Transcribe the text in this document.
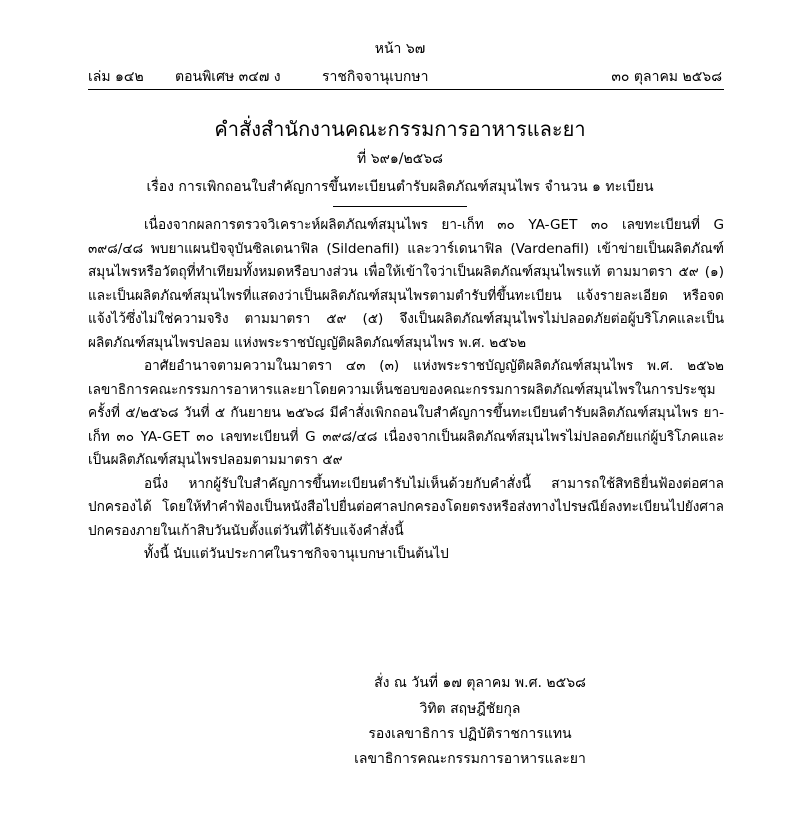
หน้า ๖๗
เล่ม ๑๔๒ ตอนพิเศษ ๓๔๗ ง	ราชกิจจานุเบกษา	๓๐ ตุลาคม ๒๕๖๘
คำสั่งสำนักงานคณะกรรมการอาหารและยา
ที่ ๖๙๑/๒๕๖๘
เรื่อง การเพิกถอนใบสำคัญการขึ้นทะเบียนตำรับผลิตภัณฑ์สมุนไพร จำนวน ๑ ทะเบียน

เนื่องจากผลการตรวจวิเคราะห์ผลิตภัณฑ์สมุนไพร ยา-เก็ท ๓๐ YA-GET ๓๐ เลขทะเบียนที่ G ๓๙๘/๔๘ พบยาแผนปัจจุบันซิลเดนาฟิล (Sildenafil) และวาร์เดนาฟิล (Vardenafil) เข้าข่ายเป็นผลิตภัณฑ์สมุนไพรหรือวัตถุที่ทำเทียมทั้งหมดหรือบางส่วน เพื่อให้เข้าใจว่าเป็นผลิตภัณฑ์สมุนไพรแท้ ตามมาตรา ๕๙ (๑) และเป็นผลิตภัณฑ์สมุนไพรที่แสดงว่าเป็นผลิตภัณฑ์สมุนไพรตามตำรับที่ขึ้นทะเบียน แจ้งรายละเอียด หรือจดแจ้งไว้ซึ่งไม่ใช่ความจริง ตามมาตรา ๕๙ (๕) จึงเป็นผลิตภัณฑ์สมุนไพรไม่ปลอดภัยต่อผู้บริโภคและเป็นผลิตภัณฑ์สมุนไพรปลอม แห่งพระราชบัญญัติผลิตภัณฑ์สมุนไพร พ.ศ. ๒๕๖๒

อาศัยอำนาจตามความในมาตรา ๔๓ (๓) แห่งพระราชบัญญัติผลิตภัณฑ์สมุนไพร พ.ศ. ๒๕๖๒ เลขาธิการคณะกรรมการอาหารและยาโดยความเห็นชอบของคณะกรรมการผลิตภัณฑ์สมุนไพรในการประชุมครั้งที่ ๕/๒๕๖๘ วันที่ ๕ กันยายน ๒๕๖๘ มีคำสั่งเพิกถอนใบสำคัญการขึ้นทะเบียนตำรับผลิตภัณฑ์สมุนไพร ยา-เก็ท ๓๐ YA-GET ๓๐ เลขทะเบียนที่ G ๓๙๘/๔๘ เนื่องจากเป็นผลิตภัณฑ์สมุนไพรไม่ปลอดภัยแก่ผู้บริโภคและเป็นผลิตภัณฑ์สมุนไพรปลอมตามมาตรา ๕๙

อนึ่ง หากผู้รับใบสำคัญการขึ้นทะเบียนตำรับไม่เห็นด้วยกับคำสั่งนี้ สามารถใช้สิทธิยื่นฟ้องต่อศาลปกครองได้ โดยให้ทำคำฟ้องเป็นหนังสือไปยื่นต่อศาลปกครองโดยตรงหรือส่งทางไปรษณีย์ลงทะเบียนไปยังศาลปกครองภายในเก้าสิบวันนับตั้งแต่วันที่ได้รับแจ้งคำสั่งนี้

ทั้งนี้ นับแต่วันประกาศในราชกิจจานุเบกษาเป็นต้นไป

สั่ง ณ วันที่ ๑๗ ตุลาคม พ.ศ. ๒๕๖๘
วิทิต สฤษฎีชัยกุล
รองเลขาธิการ ปฏิบัติราชการแทน
เลขาธิการคณะกรรมการอาหารและยา
